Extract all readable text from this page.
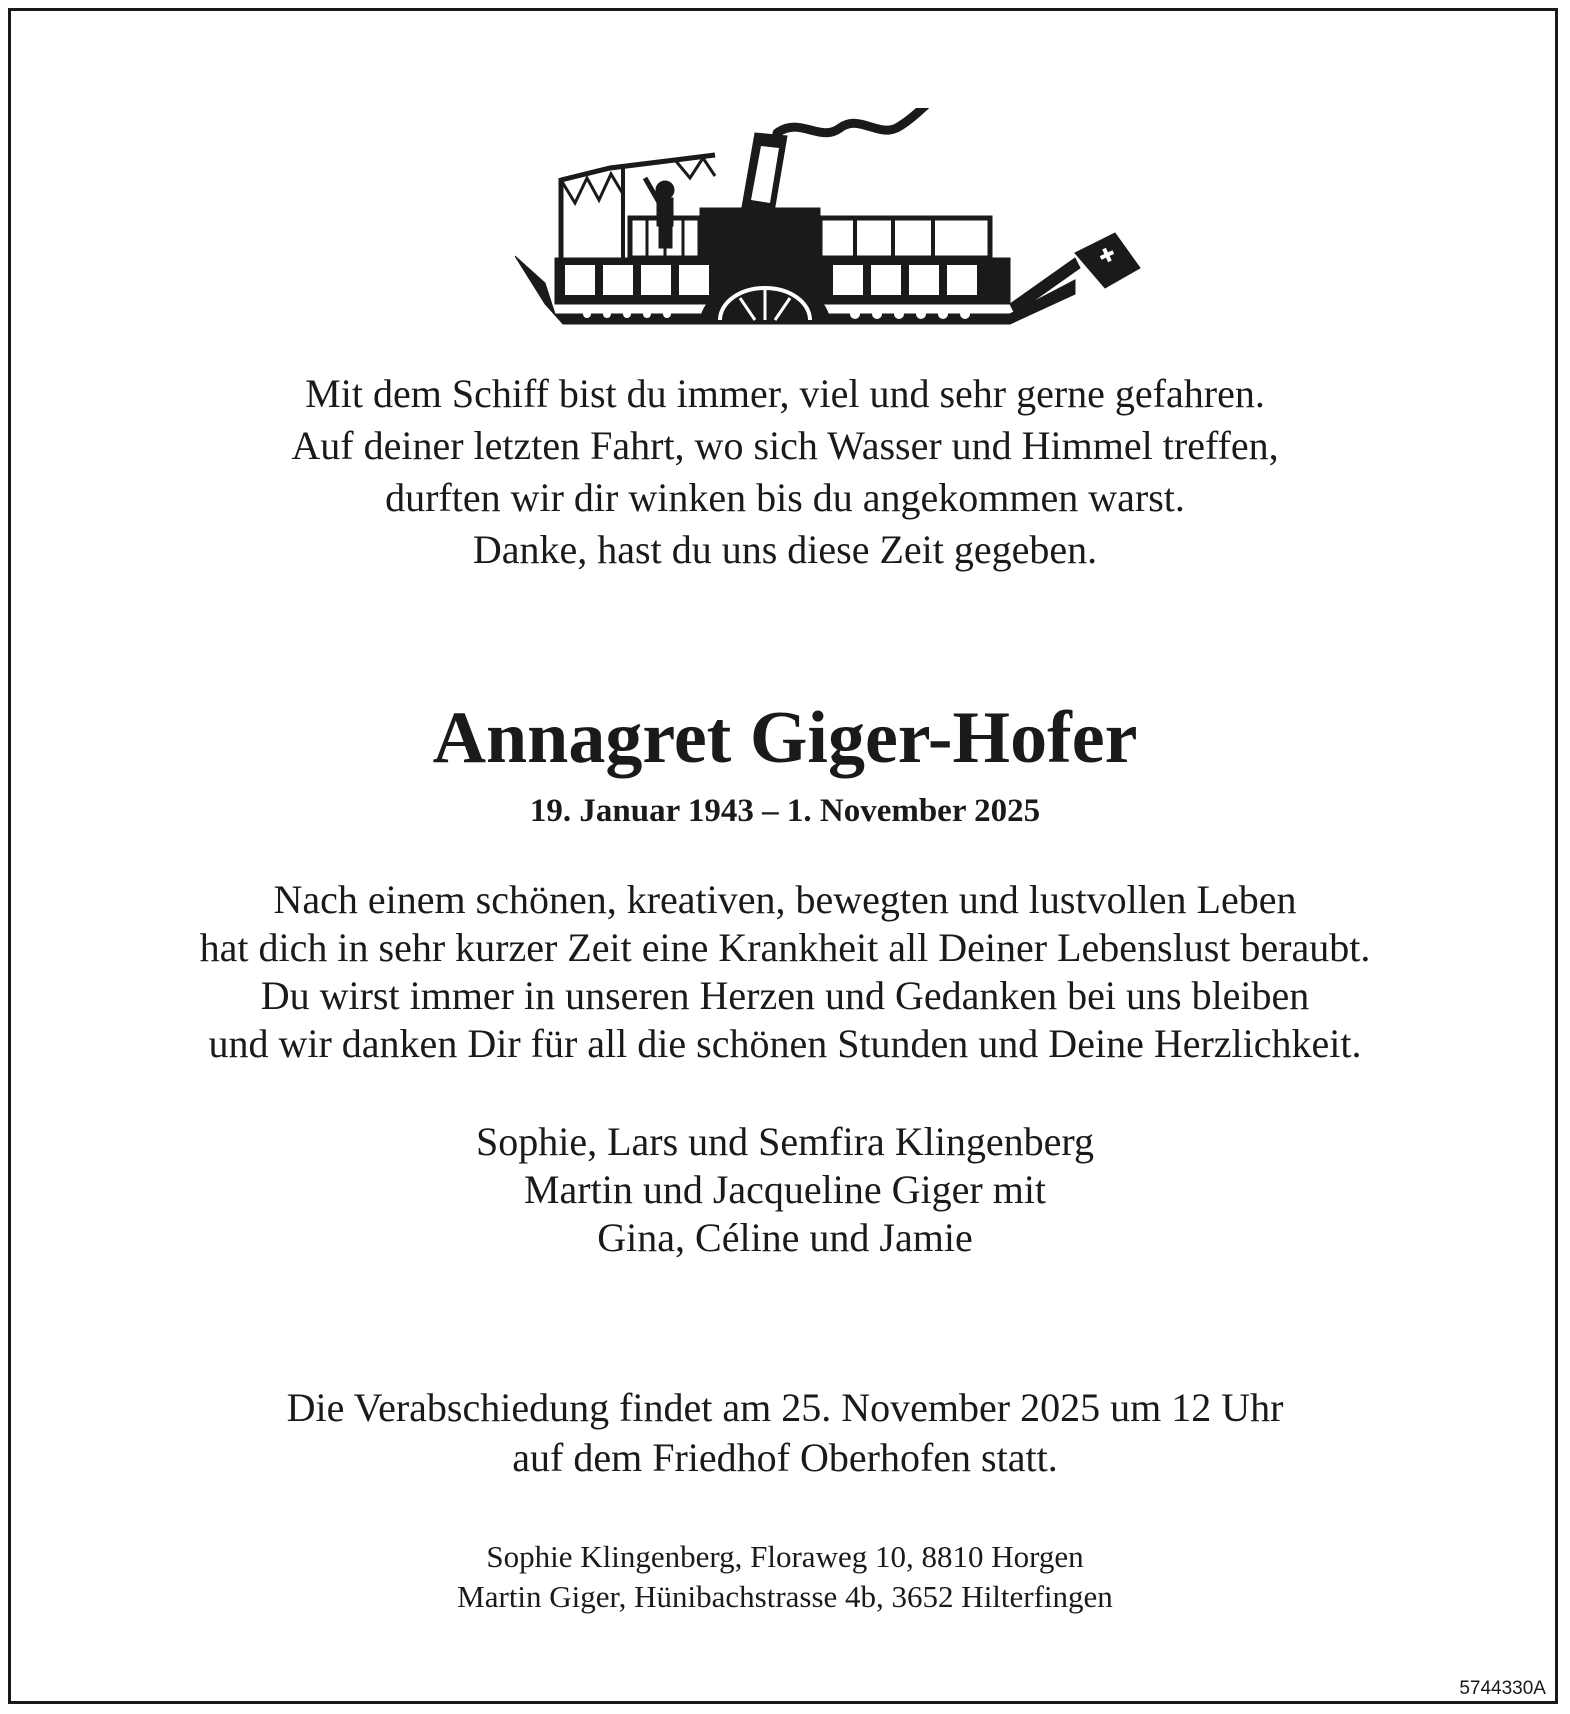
Mit dem Schiff bist du immer, viel und sehr gerne gefahren.
Auf deiner letzten Fahrt, wo sich Wasser und Himmel treffen,
durften wir dir winken bis du angekommen warst.
Danke, hast du uns diese Zeit gegeben.
Annagret Giger-Hofer
19. Januar 1943 – 1. November 2025
Nach einem schönen, kreativen, bewegten und lustvollen Leben
hat dich in sehr kurzer Zeit eine Krankheit all Deiner Lebenslust beraubt.
Du wirst immer in unseren Herzen und Gedanken bei uns bleiben
und wir danken Dir für all die schönen Stunden und Deine Herzlichkeit.
Sophie, Lars und Semfira Klingenberg
Martin und Jacqueline Giger mit
Gina, Céline und Jamie
Die Verabschiedung findet am 25. November 2025 um 12 Uhr
auf dem Friedhof Oberhofen statt.
Sophie Klingenberg, Floraweg 10, 8810 Horgen
Martin Giger, Hünibachstrasse 4b, 3652 Hilterfingen
5744330A
